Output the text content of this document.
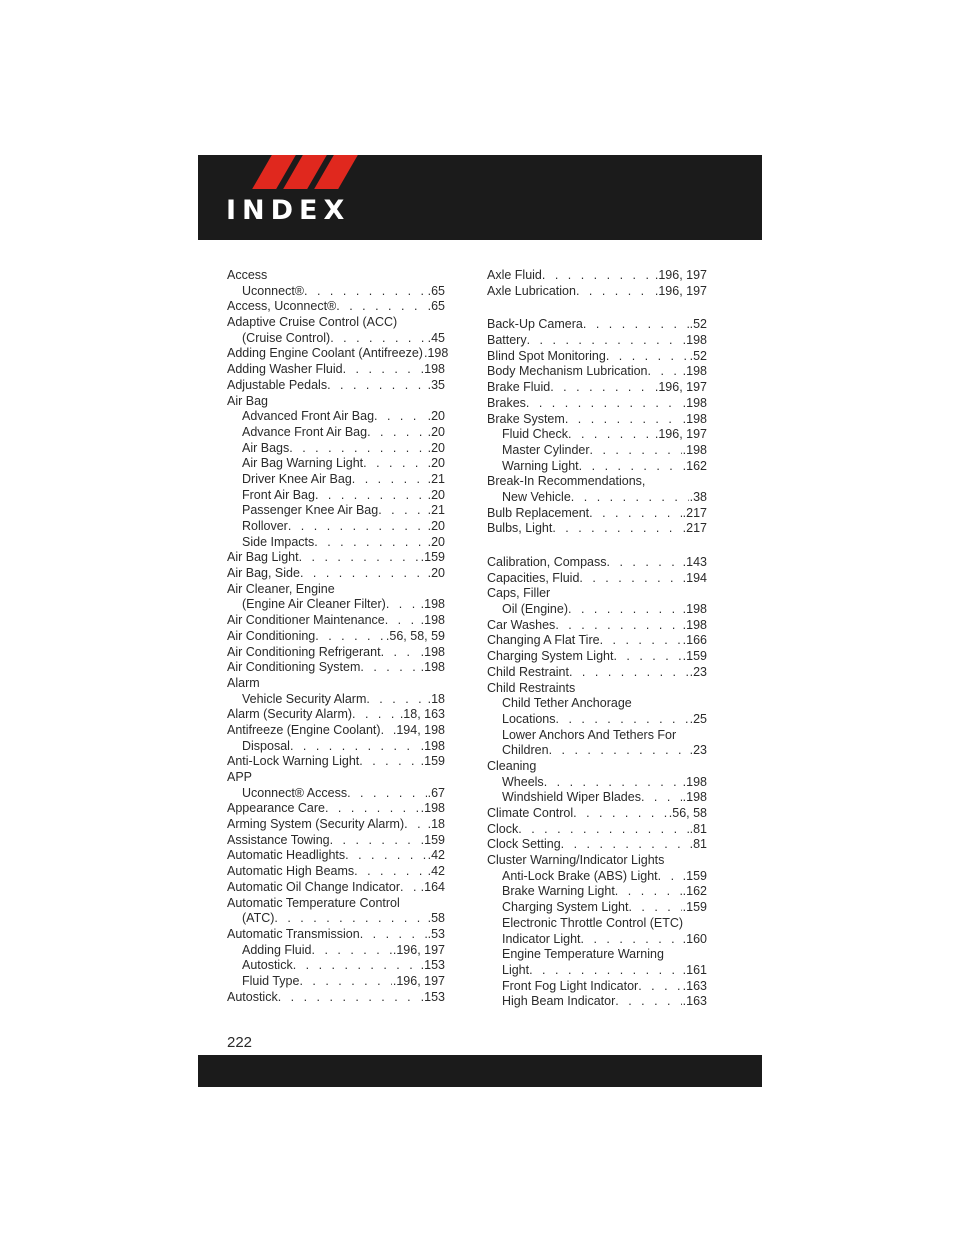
INDEX
Access
Uconnect® . . .	.65
Access, Uconnect® . . .	.65
Adaptive Cruise Control (ACC)
(Cruise Control) . . .	.45
Adding Engine Coolant (Antifreeze) .198
Adding Washer Fluid . . .	.198
Adjustable Pedals . . .	.35
Air Bag
Advanced Front Air Bag . . .	.20
Advance Front Air Bag . . .	.20
Air Bags . . .	.20
Air Bag Warning Light . . .	.20
Driver Knee Air Bag . . .	.21
Front Air Bag . . .	.20
Passenger Knee Air Bag . . .	.21
Rollover . . .	.20
Side Impacts . . .	.20
Air Bag Light . . .	.159
Air Bag, Side . . .	.20
Air Cleaner, Engine
(Engine Air Cleaner Filter) . . .	.198
Air Conditioner Maintenance . . .	.198
Air Conditioning . . .	.56, 58, 59
Air Conditioning Refrigerant . . .	.198
Air Conditioning System . . .	.198
Alarm
Vehicle Security Alarm . . .	.18
Alarm (Security Alarm) . . .	.18, 163
Antifreeze (Engine Coolant) . . . .194, 198
Disposal . . .	.198
Anti-Lock Warning Light . . .	.159
APP
Uconnect® Access . . .	.67
Appearance Care . . .	.198
Arming System (Security Alarm) . . . .18
Assistance Towing . . .	.159
Automatic Headlights . . .	.42
Automatic High Beams . . .	.42
Automatic Oil Change Indicator . . . .164
Automatic Temperature Control
(ATC) . . .	.58
Automatic Transmission . . .	.53
Adding Fluid . . .	.196, 197
Autostick . . .	.153
Fluid Type . . .	.196, 197
Autostick . . .	.153
Axle Fluid . . .	.196, 197
Axle Lubrication . . .	.196, 197
Back-Up Camera . . .	.52
Battery . . .	.198
Blind Spot Monitoring . . .	.52
Body Mechanism Lubrication . . .	.198
Brake Fluid . . .	.196, 197
Brakes . . .	.198
Brake System . . .	.198
Fluid Check . . .	.196, 197
Master Cylinder . . .	.198
Warning Light . . .	.162
Break-In Recommendations,
New Vehicle . . .	.38
Bulb Replacement . . .	.217
Bulbs, Light . . .	.217
Calibration, Compass . . .	.143
Capacities, Fluid . . .	.194
Caps, Filler
Oil (Engine) . . .	.198
Car Washes . . .	.198
Changing A Flat Tire . . .	.166
Charging System Light . . .	.159
Child Restraint . . .	.23
Child Restraints
Child Tether Anchorage
Locations . . .	.25
Lower Anchors And Tethers For
Children . . .	.23
Cleaning
Wheels . . .	.198
Windshield Wiper Blades . . .	.198
Climate Control . . .	.56, 58
Clock . . .	.81
Clock Setting . . .	.81
Cluster Warning/Indicator Lights
Anti-Lock Brake (ABS) Light . . . .159
Brake Warning Light . . .	.162
Charging System Light . . .	.159
Electronic Throttle Control (ETC)
Indicator Light . . .	.160
Engine Temperature Warning
Light . . .	.161
Front Fog Light Indicator . . .	.163
High Beam Indicator . . .	.163
222
